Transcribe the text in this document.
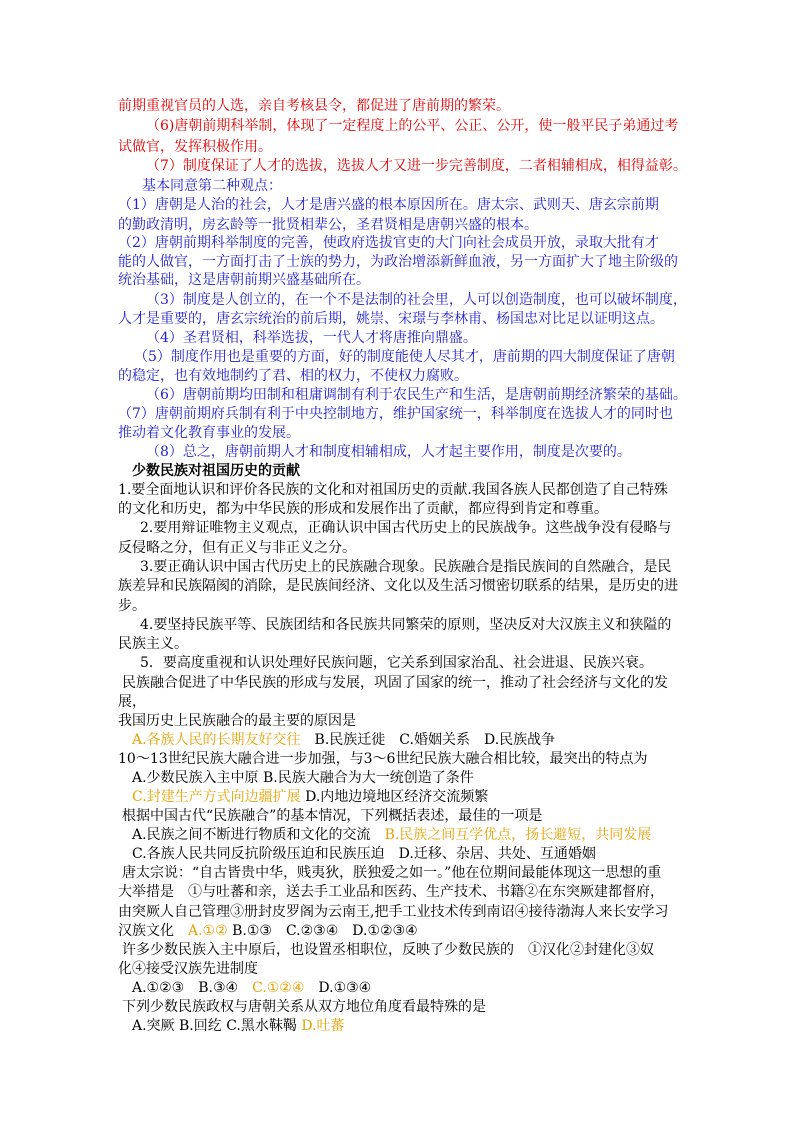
前期重视官员的人选，亲自考核县令，都促进了唐前期的繁荣。
（6)唐朝前期科举制，体现了一定程度上的公平、公正、公开，使一般平民子弟通过考
试做官，发挥积极作用。
（7）制度保证了人才的选拔，选拔人才又进一步完善制度，二者相辅相成，相得益彰。
基本同意第二种观点：
（1）唐朝是人治的社会，人才是唐兴盛的根本原因所在。唐太宗、武则天、唐玄宗前期
的勤政清明，房玄龄等一批贤相辈公，圣君贤相是唐朝兴盛的根本。
（2）唐朝前期科举制度的完善，使政府选拔官吏的大门向社会成员开放，录取大批有才
能的人做官，一方面打击了士族的势力，为政治增添新鲜血液，另一方面扩大了地主阶级的
统治基础，这是唐朝前期兴盛基础所在。
（3）制度是人创立的，在一个不是法制的社会里，人可以创造制度，也可以破坏制度，
人才是重要的，唐玄宗统治的前后期，姚崇、宋璟与李林甫、杨国忠对比足以证明这点。
（4）圣君贤相，科举选拔，一代人才将唐推向鼎盛。
（5）制度作用也是重要的方面，好的制度能使人尽其才，唐前期的四大制度保证了唐朝
的稳定，也有效地制约了君、相的权力，不使权力腐败。
（6）唐朝前期均田制和租庸调制有利于农民生产和生活，是唐朝前期经济繁荣的基础。
（7）唐朝前期府兵制有利于中央控制地方，维护国家统一，科举制度在选拔人才的同时也
推动着文化教育事业的发展。
（8）总之，唐朝前期人才和制度相辅相成，人才起主要作用，制度是次要的。
少数民族对祖国历史的贡献
1.要全面地认识和评价各民族的文化和对祖国历史的贡献.我国各族人民都创造了自己特殊
的文化和历史，都为中华民族的形成和发展作出了贡献，都应得到肯定和尊重。
2.要用辩证唯物主义观点，正确认识中国古代历史上的民族战争。这些战争没有侵略与
反侵略之分，但有正义与非正义之分。
3.要正确认识中国古代历史上的民族融合现象。民族融合是指民族间的自然融合，是民
族差异和民族隔阂的消除，是民族间经济、文化以及生活习惯密切联系的结果，是历史的进
步。
4.要坚持民族平等、民族团结和各民族共同繁荣的原则，坚决反对大汉族主义和狭隘的
民族主义。
5．要高度重视和认识处理好民族问题，它关系到国家治乱、社会进退、民族兴衰。
民族融合促进了中华民族的形成与发展，巩固了国家的统一，推动了社会经济与文化的发
展，
我国历史上民族融合的最主要的原因是
A.各族人民的长期友好交往　B.民族迁徙　C.婚姻关系　D.民族战争
10～13世纪民族大融合进一步加强，与3～6世纪民族大融合相比较，最突出的特点为
A.少数民族入主中原 B.民族大融合为大一统创造了条件
C.封建生产方式向边疆扩展 D.内地边境地区经济交流频繁
根据中国古代“民族融合”的基本情况，下列概括表述，最佳的一项是
A.民族之间不断进行物质和文化的交流　B.民族之间互学优点，扬长避短，共同发展
C.各族人民共同反抗阶级压迫和民族压迫　D.迁移、杂居、共处、互通婚姻
唐太宗说：“自古皆贵中华，贱夷狄，朕独爱之如一。”他在位期间最能体现这一思想的重
大举措是　①与吐蕃和亲，送去手工业品和医药、生产技术、书籍②在东突厥建都督府，
由突厥人自己管理③册封皮罗阁为云南王,把手工业技术传到南诏④接待渤海人来长安学习
汉族文化　A.①② B.①③　C.②③④　D.①②③④
许多少数民族入主中原后，也设置丞相职位，反映了少数民族的　①汉化②封建化③奴
化④接受汉族先进制度
A.①②③　B.③④　C.①②④　D.①③④
下列少数民族政权与唐朝关系从双方地位角度看最特殊的是
A.突厥 B.回纥 C.黑水靺鞨 D.吐蕃
